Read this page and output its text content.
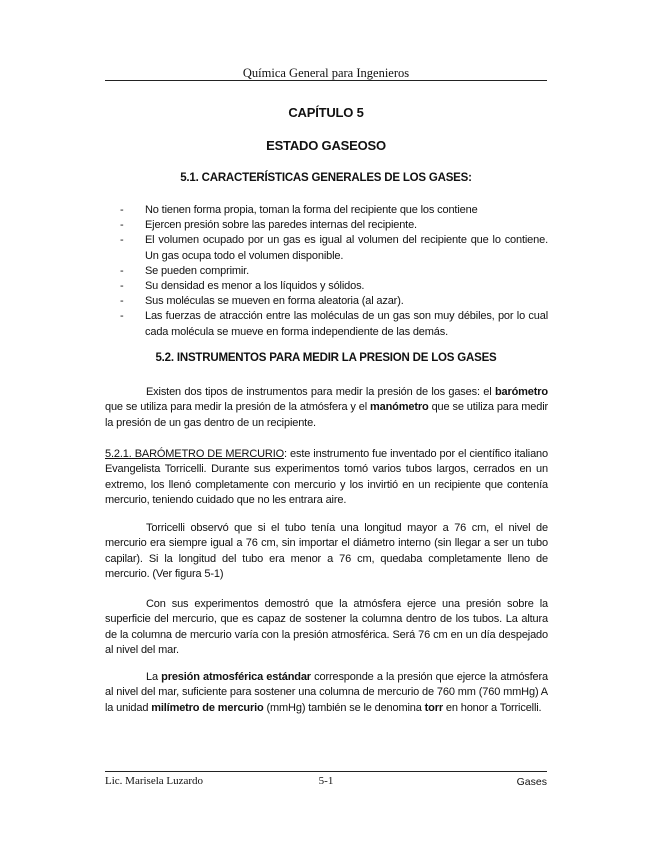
Química General para Ingenieros
CAPÍTULO 5
ESTADO GASEOSO
5.1. CARACTERÍSTICAS GENERALES DE LOS GASES:
- No tienen forma propia, toman la forma del recipiente que los contiene
- Ejercen presión sobre las paredes internas del recipiente.
- El volumen ocupado por un gas es igual al volumen del recipiente que lo contiene. Un gas ocupa todo el volumen disponible.
- Se pueden comprimir.
- Su densidad es menor a los líquidos y sólidos.
- Sus moléculas se mueven en forma aleatoria (al azar).
- Las fuerzas de atracción entre las moléculas de un gas son muy débiles, por lo cual cada molécula se mueve en forma independiente de las demás.
5.2. INSTRUMENTOS PARA MEDIR LA PRESION DE LOS GASES

Existen dos tipos de instrumentos para medir la presión de los gases: el barómetro que se utiliza para medir la presión de la atmósfera y el manómetro que se utiliza para medir la presión de un gas dentro de un recipiente.

5.2.1. BARÓMETRO DE MERCURIO: este instrumento fue inventado por el científico italiano Evangelista Torricelli. Durante sus experimentos tomó varios tubos largos, cerrados en un extremo, los llenó completamente con mercurio y los invirtió en un recipiente que contenía mercurio, teniendo cuidado que no les entrara aire.

Torricelli observó que si el tubo tenía una longitud mayor a 76 cm, el nivel de mercurio era siempre igual a 76 cm, sin importar el diámetro interno (sin llegar a ser un tubo capilar). Si la longitud del tubo era menor a 76 cm, quedaba completamente lleno de mercurio. (Ver figura 5-1)

Con sus experimentos demostró que la atmósfera ejerce una presión sobre la superficie del mercurio, que es capaz de sostener la columna dentro de los tubos. La altura de la columna de mercurio varía con la presión atmosférica. Será 76 cm en un día despejado al nivel del mar.

La presión atmosférica estándar corresponde a la presión que ejerce la atmósfera al nivel del mar, suficiente para sostener una columna de mercurio de 760 mm (760 mmHg) A la unidad milímetro de mercurio (mmHg) también se le denomina torr en honor a Torricelli.

Lic. Marisela Luzardo	5-1	Gases
